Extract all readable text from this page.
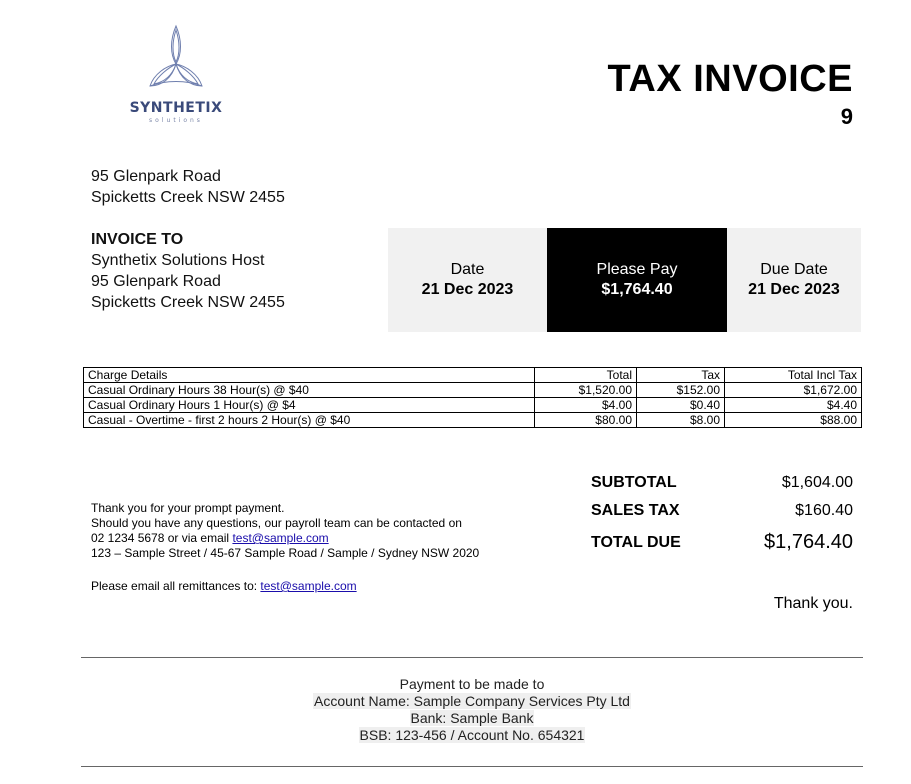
SYNTHETIX
solutions
TAX INVOICE
9
95 Glenpark Road
Spicketts Creek NSW 2455
INVOICE TO
Synthetix Solutions Host
95 Glenpark Road
Spicketts Creek NSW 2455
Date
21 Dec 2023
Please Pay
$1,764.40
Due Date
21 Dec 2023
Charge Details	Total	Tax	Total Incl Tax
Casual Ordinary Hours 38 Hour(s) @ $40	$1,520.00	$152.00	$1,672.00
Casual Ordinary Hours 1 Hour(s) @ $4	$4.00	$0.40	$4.40
Casual - Overtime - first 2 hours 2 Hour(s) @ $40	$80.00	$8.00	$88.00
SUBTOTAL	$1,604.00
SALES TAX	$160.40
TOTAL DUE	$1,764.40
Thank you.
Thank you for your prompt payment.
Should you have any questions, our payroll team can be contacted on
02 1234 5678 or via email test@sample.com
123 – Sample Street / 45-67 Sample Road / Sample / Sydney NSW 2020
Please email all remittances to: test@sample.com
Payment to be made to
Account Name: Sample Company Services Pty Ltd
Bank: Sample Bank
BSB: 123-456 / Account No. 654321
